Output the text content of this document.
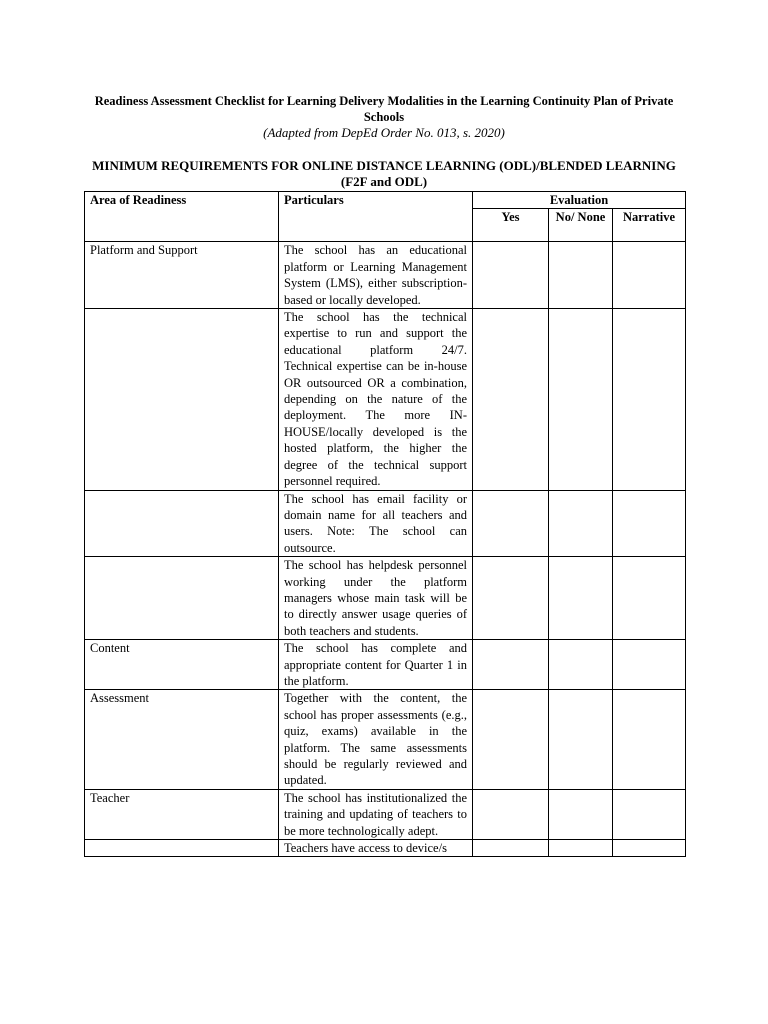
Readiness Assessment Checklist for Learning Delivery Modalities in the Learning Continuity Plan of Private Schools
(Adapted from DepEd Order No. 013, s. 2020)
MINIMUM REQUIREMENTS FOR ONLINE DISTANCE LEARNING (ODL)/BLENDED LEARNING (F2F and ODL)
Area of Readiness	Particulars	Evaluation		
		Yes	No/ None	Narrative
Platform and Support	The school has an educational platform or Learning Management System (LMS), either subscription-based or locally developed.			
	The school has the technical expertise to run and support the educational platform 24/7. Technical expertise can be in-house OR outsourced OR a combination, depending on the nature of the deployment. The more IN-HOUSE/locally developed is the hosted platform, the higher the degree of the technical support personnel required.			
	The school has email facility or domain name for all teachers and users. Note: The school can outsource.			
	The school has helpdesk personnel working under the platform managers whose main task will be to directly answer usage queries of both teachers and students.			
Content	The school has complete and appropriate content for Quarter 1 in the platform.			
Assessment	Together with the content, the school has proper assessments (e.g., quiz, exams) available in the platform. The same assessments should be regularly reviewed and updated.			
Teacher	The school has institutionalized the training and updating of teachers to be more technologically adept.			
	Teachers have access to device/s			
